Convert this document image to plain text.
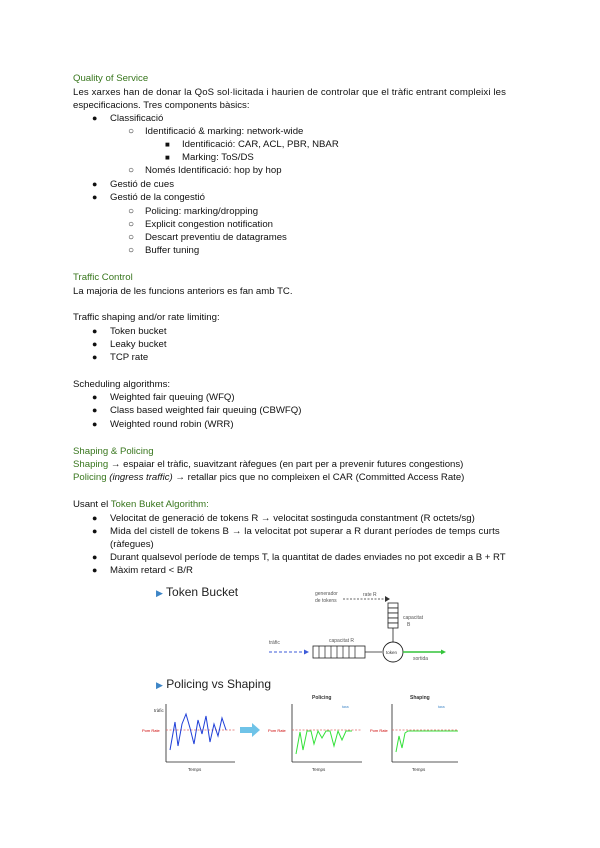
Quality of Service
Les xarxes han de donar la QoS sol·licitada i haurien de controlar que el tràfic entrant compleixi les
especificacions. Tres components bàsics:
● Classificació
○ Identificació & marking: network-wide
■ Identificació: CAR, ACL, PBR, NBAR
■ Marking: ToS/DS
○ Només Identificació: hop by hop
● Gestió de cues
● Gestió de la congestió
○ Policing: marking/dropping
○ Explicit congestion notification
○ Descart preventiu de datagrames
○ Buffer tuning
Traffic Control
La majoria de les funcions anteriors es fan amb TC.
Traffic shaping and/or rate limiting:
● Token bucket
● Leaky bucket
● TCP rate
Scheduling algorithms:
● Weighted fair queuing (WFQ)
● Class based weighted fair queuing (CBWFQ)
● Weighted round robin (WRR)
Shaping & Policing
Shaping → espaiar el tràfic, suavitzant ràfegues (en part per a prevenir futures congestions)
Policing (ingress traffic) → retallar pics que no compleixen el CAR (Committed Access Rate)
Usant el Token Buket Algorithm:
● Velocitat de generació de tokens R → velocitat sostinguda constantment (R octets/sg)
● Mida del cistell de tokens B → la velocitat pot superar a R durant períodes de temps curts
(ràfegues)
● Durant qualsevol període de temps T, la quantitat de dades enviades no pot excedir a B + RT
● Màxim retard < B/R
▶ Token Bucket	generador
de tokens
rate R
capacitat
B
tràfic	capacitat R
token
sortida
▶ Policing vs Shaping
tràfic
Pom Rate
Temps
Policing
Pom Rate
taxa
Temps
Shaping
Pom Rate
taxa
Temps
